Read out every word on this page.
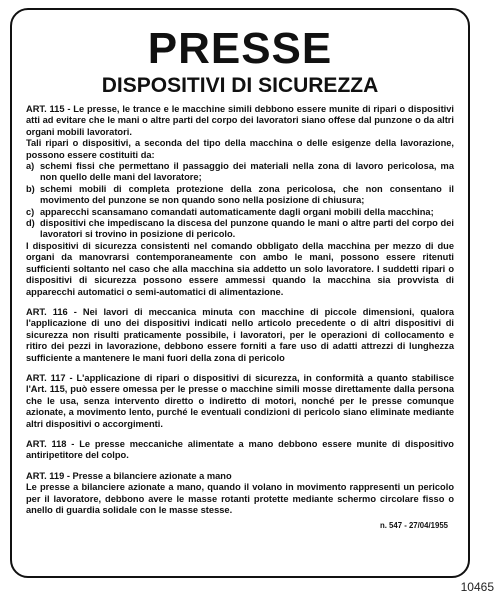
PRESSE
DISPOSITIVI DI SICUREZZA

ART. 115 - Le presse, le trance e le macchine simili debbono essere munite di ripari o dispositivi atti ad evitare che le mani o altre parti del corpo dei lavoratori siano offese dal punzone o da altri organi mobili lavoratori.

Tali ripari o dispositivi, a seconda del tipo della macchina o delle esigenze della lavorazione, possono essere costituiti da:

a) schemi fissi che permettano il passaggio dei materiali nella zona di lavoro pericolosa, ma non quello delle mani del lavoratore;
b) schemi mobili di completa protezione della zona pericolosa, che non consentano il movimento del punzone se non quando sono nella posizione di chiusura;
c) apparecchi scansamano comandati automaticamente dagli organi mobili della macchina;
d) dispositivi che impediscano la discesa del punzone quando le mani o altre parti del corpo dei lavoratori si trovino in posizione di pericolo.

I dispositivi di sicurezza consistenti nel comando obbligato della macchina per mezzo di due organi da manovrarsi contemporaneamente con ambo le mani, possono essere ritenuti sufficienti soltanto nel caso che alla macchina sia addetto un solo lavoratore. I suddetti ripari o dispositivi di sicurezza possono essere ammessi quando la macchina sia provvista di apparecchi automatici o semi-automatici di alimentazione.

ART. 116 - Nei lavori di meccanica minuta con macchine di piccole dimensioni, qualora l'applicazione di uno dei dispositivi indicati nello articolo precedente o di altri dispositivi di sicurezza non risulti praticamente possibile, i lavoratori, per le operazioni di collocamento e ritiro dei pezzi in lavorazione, debbono essere forniti a fare uso di adatti attrezzi di lunghezza sufficiente a mantenere le mani fuori della zona di pericolo

ART. 117 - L'applicazione di ripari o dispositivi di sicurezza, in conformità a quanto stabilisce l'Art. 115, può essere omessa per le presse o macchine simili mosse direttamente dalla persona che le usa, senza intervento diretto o indiretto di motori, nonché per le presse comunque azionate, a movimento lento, purché le eventuali condizioni di pericolo siano eliminate mediante altri dispositivi o accorgimenti.

ART. 118 - Le presse meccaniche alimentate a mano debbono essere munite di dispositivo antiripetitore del colpo.

ART. 119 - Presse a bilanciere azionate a mano

Le presse a bilanciere azionate a mano, quando il volano in movimento rappresenti un pericolo per il lavoratore, debbono avere le masse rotanti protette mediante schermo circolare fisso o anello di guardia solidale con le masse stesse.

n. 547 - 27/04/1955
10465
